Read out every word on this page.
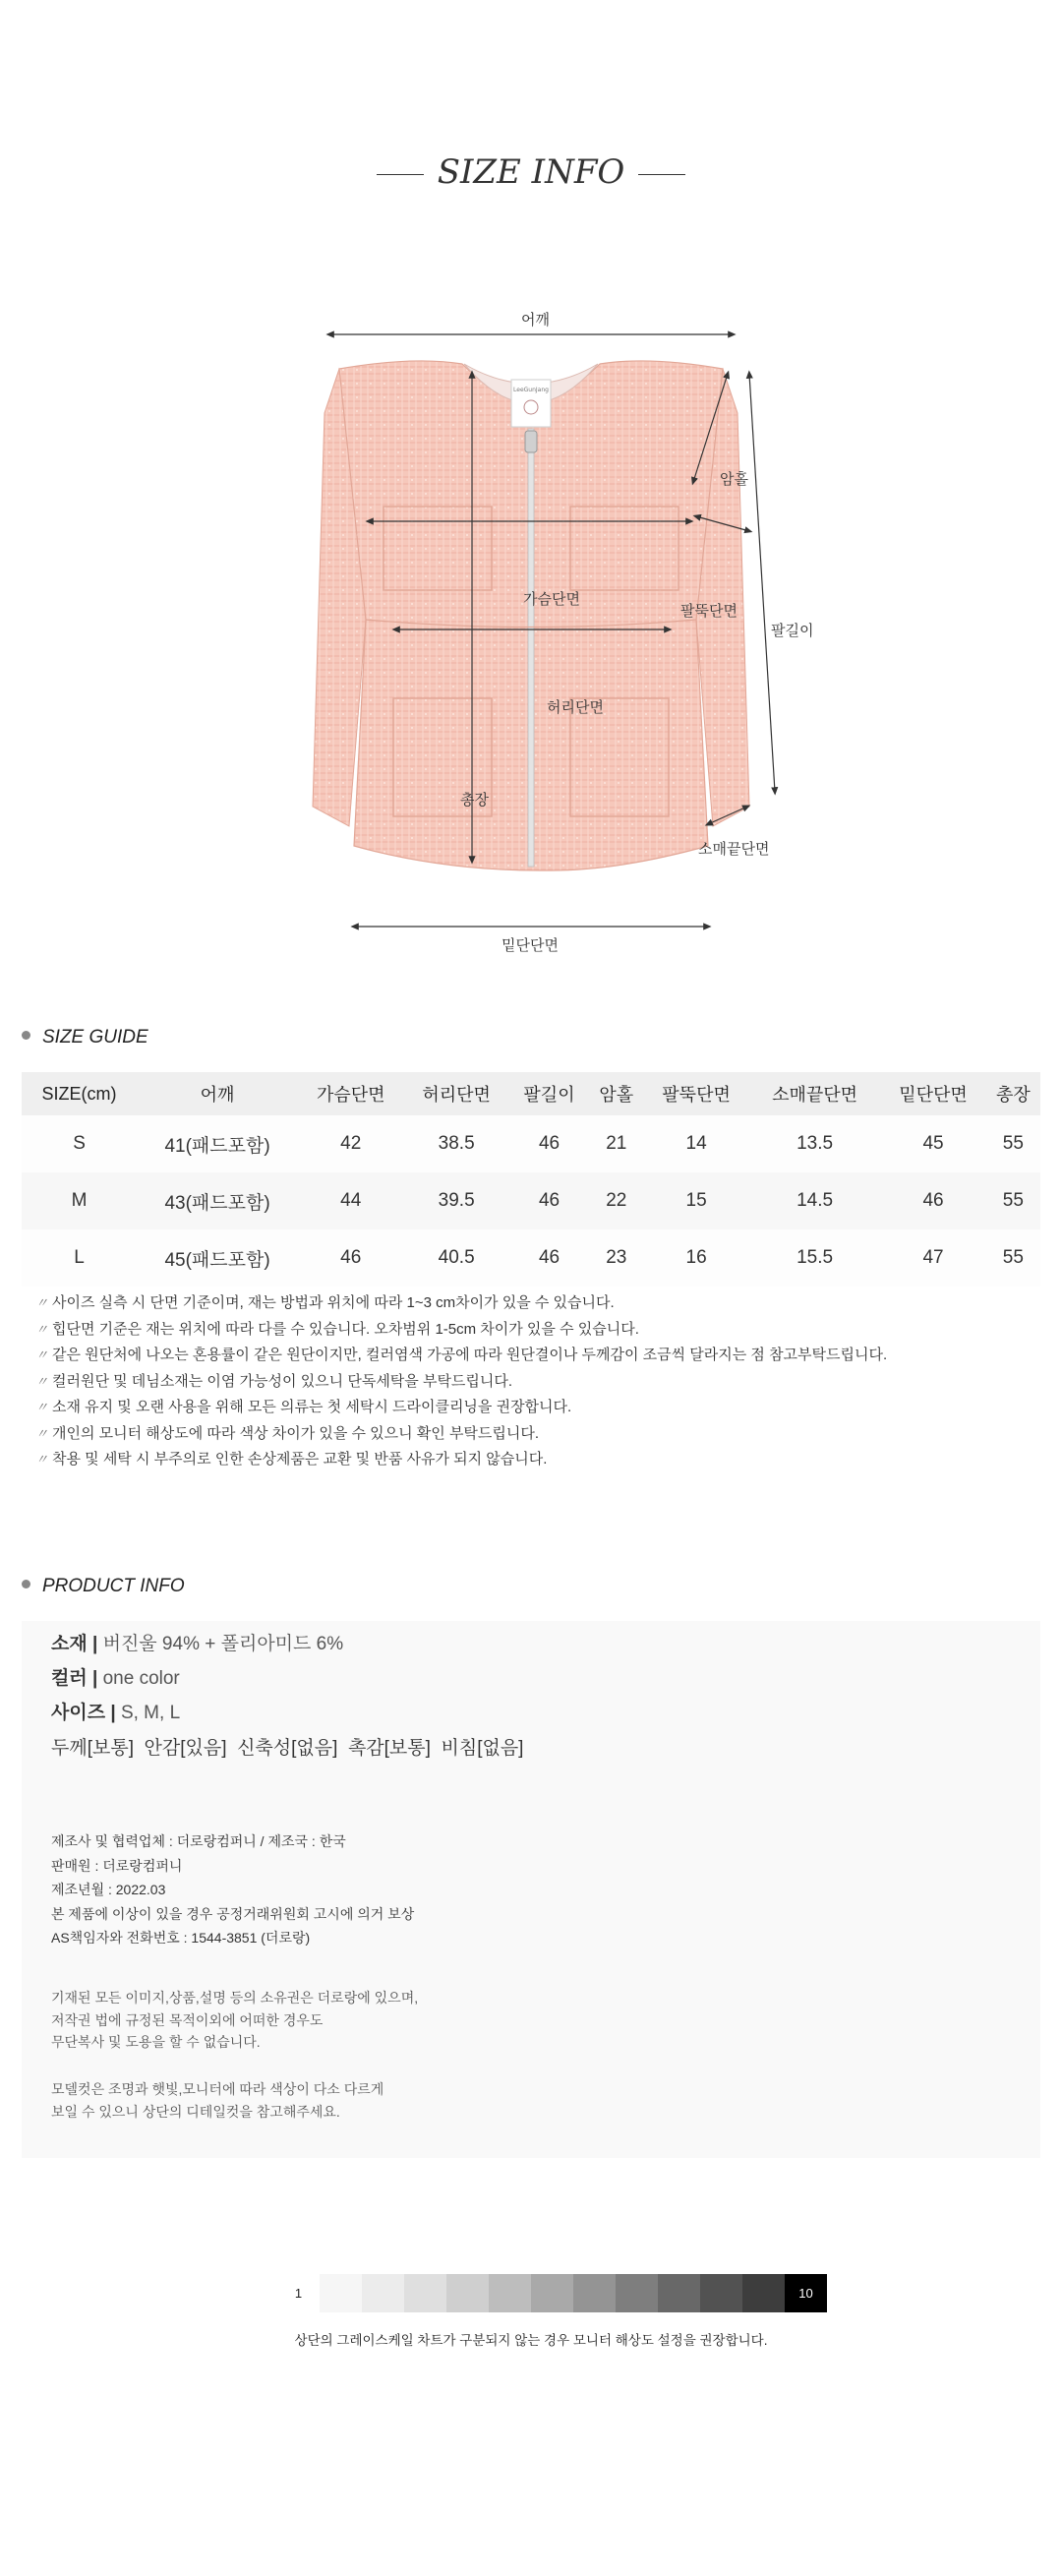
SIZE INFO
LeeGunJang
어깨
암홀
가슴단면
팔뚝단면
팔길이
허리단면
총장
소매끝단면
밑단단면
SIZE GUIDE
SIZE(cm)	어깨	가슴단면	허리단면	팔길이	암홀	팔뚝단면	소매끝단면	밑단단면	총장
S	41(패드포함)	42	38.5	46	21	14	13.5	45	55
M	43(패드포함)	44	39.5	46	22	15	14.5	46	55
L	45(패드포함)	46	40.5	46	23	16	15.5	47	55
〃 사이즈 실측 시 단면 기준이며, 재는 방법과 위치에 따라 1~3 cm차이가 있을 수 있습니다.
〃 힙단면 기준은 재는 위치에 따라 다를 수 있습니다. 오차범위 1-5cm 차이가 있을 수 있습니다.
〃 같은 원단처에 나오는 혼용률이 같은 원단이지만, 컬러염색 가공에 따라 원단결이나 두께감이 조금씩 달라지는 점 참고부탁드립니다.
〃 컬러원단 및 데님소재는 이염 가능성이 있으니 단독세탁을 부탁드립니다.
〃 소재 유지 및 오랜 사용을 위해 모든 의류는 첫 세탁시 드라이클리닝을 권장합니다.
〃 개인의 모니터 해상도에 따라 색상 차이가 있을 수 있으니 확인 부탁드립니다.
〃 착용 및 세탁 시 부주의로 인한 손상제품은 교환 및 반품 사유가 되지 않습니다.
PRODUCT INFO
소재 | 버진울 94% + 폴리아미드 6%
컬러 | one color
사이즈 | S, M, L
두께[보통]  안감[있음]  신축성[없음]  촉감[보통]  비침[없음]
제조사 및 협력업체 : 더로랑컴퍼니 / 제조국 : 한국
판매원 : 더로랑컴퍼니
제조년월 : 2022.03
본 제품에 이상이 있을 경우 공정거래위원회 고시에 의거 보상
AS책임자와 전화번호 : 1544-3851 (더로랑)
기재된 모든 이미지,상품,설명 등의 소유권은 더로랑에 있으며,
저작권 법에 규정된 목적이외에 어떠한 경우도
무단복사 및 도용을 할 수 없습니다.
모델컷은 조명과 햇빛,모니터에 따라 색상이 다소 다르게
보일 수 있으니 상단의 디테일컷을 참고해주세요.
1	10
상단의 그레이스케일 차트가 구분되지 않는 경우 모니터 해상도 설정을 권장합니다.
